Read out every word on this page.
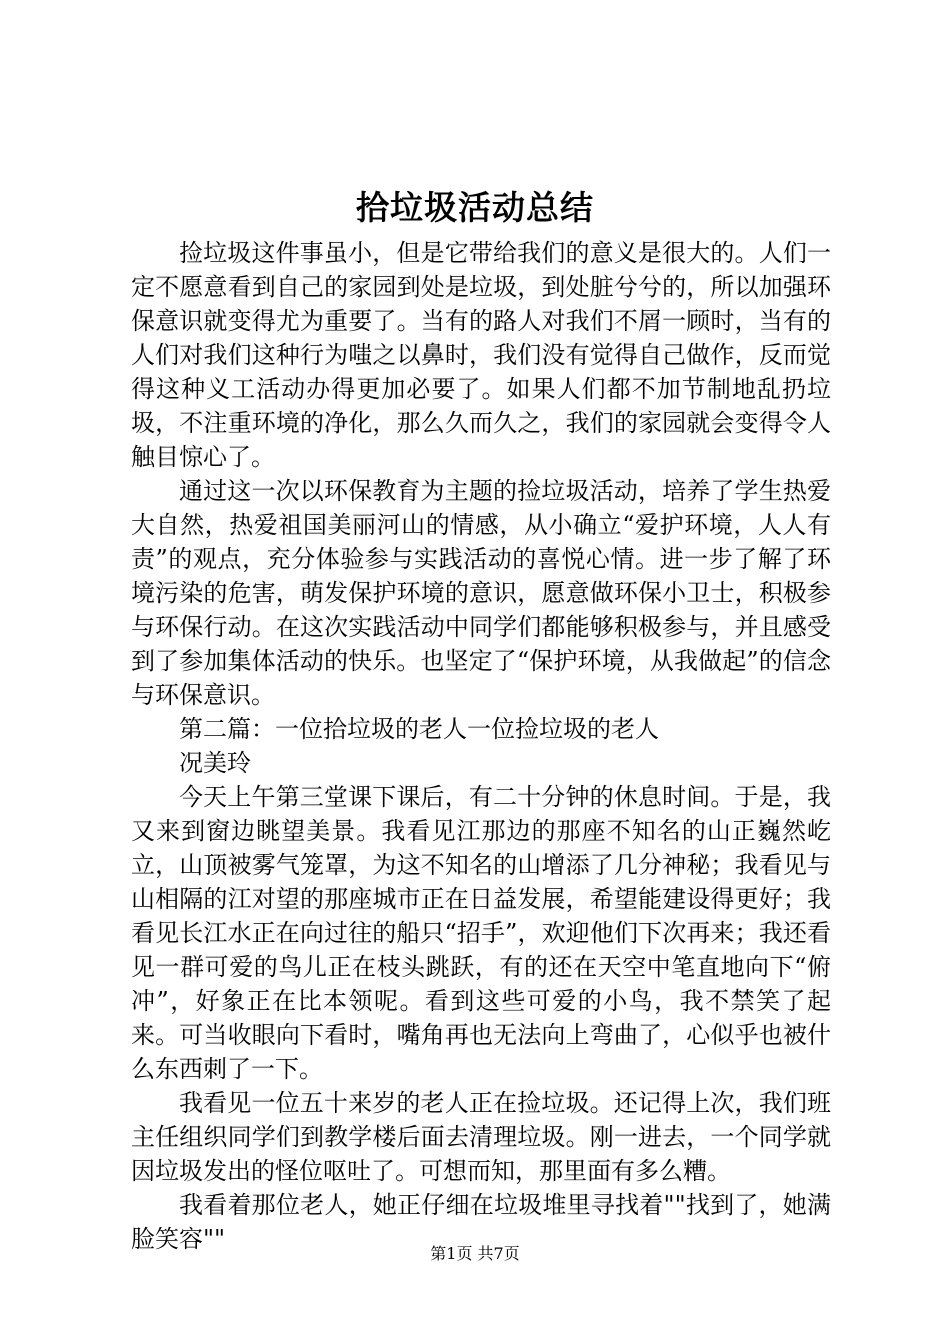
拾垃圾活动总结

捡垃圾这件事虽小，但是它带给我们的意义是很大的。人们一定不愿意看到自己的家园到处是垃圾，到处脏兮兮的，所以加强环保意识就变得尤为重要了。当有的路人对我们不屑一顾时，当有的人们对我们这种行为嗤之以鼻时，我们没有觉得自己做作，反而觉得这种义工活动办得更加必要了。如果人们都不加节制地乱扔垃圾，不注重环境的净化，那么久而久之，我们的家园就会变得令人触目惊心了。

通过这一次以环保教育为主题的捡垃圾活动，培养了学生热爱大自然，热爱祖国美丽河山的情感，从小确立“爱护环境，人人有责”的观点，充分体验参与实践活动的喜悦心情。进一步了解了环境污染的危害，萌发保护环境的意识，愿意做环保小卫士，积极参与环保行动。在这次实践活动中同学们都能够积极参与，并且感受到了参加集体活动的快乐。也坚定了“保护环境，从我做起”的信念与环保意识。

第二篇：一位拾垃圾的老人一位捡垃圾的老人

况美玲

今天上午第三堂课下课后，有二十分钟的休息时间。于是，我又来到窗边眺望美景。我看见江那边的那座不知名的山正巍然屹立，山顶被雾气笼罩，为这不知名的山增添了几分神秘；我看见与山相隔的江对望的那座城市正在日益发展，希望能建设得更好；我看见长江水正在向过往的船只“招手”，欢迎他们下次再来；我还看见一群可爱的鸟儿正在枝头跳跃，有的还在天空中笔直地向下“俯冲”，好象正在比本领呢。看到这些可爱的小鸟，我不禁笑了起来。可当收眼向下看时，嘴角再也无法向上弯曲了，心似乎也被什么东西刺了一下。

我看见一位五十来岁的老人正在捡垃圾。还记得上次，我们班主任组织同学们到教学楼后面去清理垃圾。刚一进去，一个同学就因垃圾发出的怪位呕吐了。可想而知，那里面有多么糟。

我看着那位老人，她正仔细在垃圾堆里寻找着""找到了，她满脸笑容""

第1页 共7页
